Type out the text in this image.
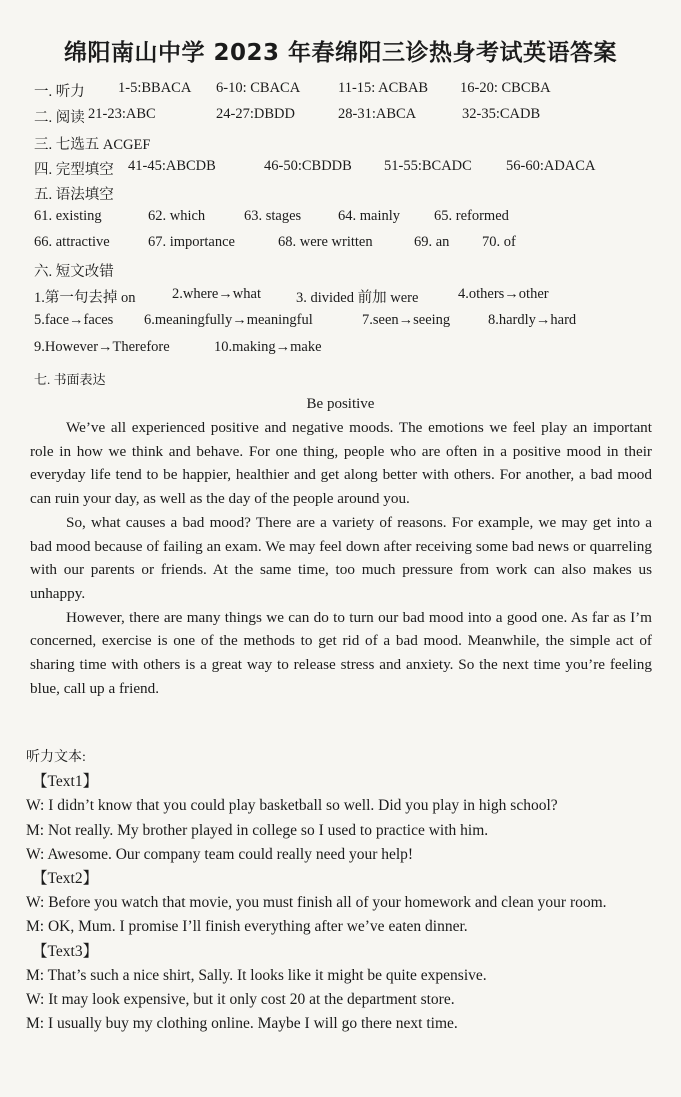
绵阳南山中学 2023 年春绵阳三诊热身考试英语答案
一. 听力 1-5:BBACA 6-10: CBACA	11-15: ACBAB 16-20: CBCBA
二. 阅读 21-23:ABC	24-27:DBDD	28-31:ABCA	32-35:CADB
三. 七选五 ACGEF
四. 完型填空 41-45:ABCDB	46-50:CBDDB 51-55:BCADC 56-60:ADACA
五. 语法填空
61. existing	62. which	63. stages	64. mainly 65. reformed
66. attractive	67. importance	68. were written	69. an 70. of
六. 短文改错
1.第一句去掉 on	2.where→what 3. divided 前加 were	4.others→other
5.face→faces 6.meaningfully→meaningful	7.seen→seeing	8.hardly→hard
9.However→Therefore	10.making→make
七. 书面表达
Be positive

We’ve all experienced positive and negative moods. The emotions we feel play an important role in how we think and behave. For one thing, people who are often in a positive mood in their everyday life tend to be happier, healthier and get along better with others. For another, a bad mood can ruin your day, as well as the day of the people around you.

So, what causes a bad mood? There are a variety of reasons. For example, we may get into a bad mood because of failing an exam. We may feel down after receiving some bad news or quarreling with our parents or friends. At the same time, too much pressure from work can also makes us unhappy.

However, there are many things we can do to turn our bad mood into a good one. As far as I’m concerned, exercise is one of the methods to get rid of a bad mood. Meanwhile, the simple act of sharing time with others is a great way to release stress and anxiety. So the next time you’re feeling blue, call up a friend.

听力文本:
【Text1】
W: I didn’t know that you could play basketball so well. Did you play in high school?
M: Not really. My brother played in college so I used to practice with him.
W: Awesome. Our company team could really need your help!
【Text2】
W: Before you watch that movie, you must finish all of your homework and clean your room.
M: OK, Mum. I promise I’ll finish everything after we’ve eaten dinner.
【Text3】
M: That’s such a nice shirt, Sally. It looks like it might be quite expensive.
W: It may look expensive, but it only cost 20 at the department store.
M: I usually buy my clothing online. Maybe I will go there next time.
